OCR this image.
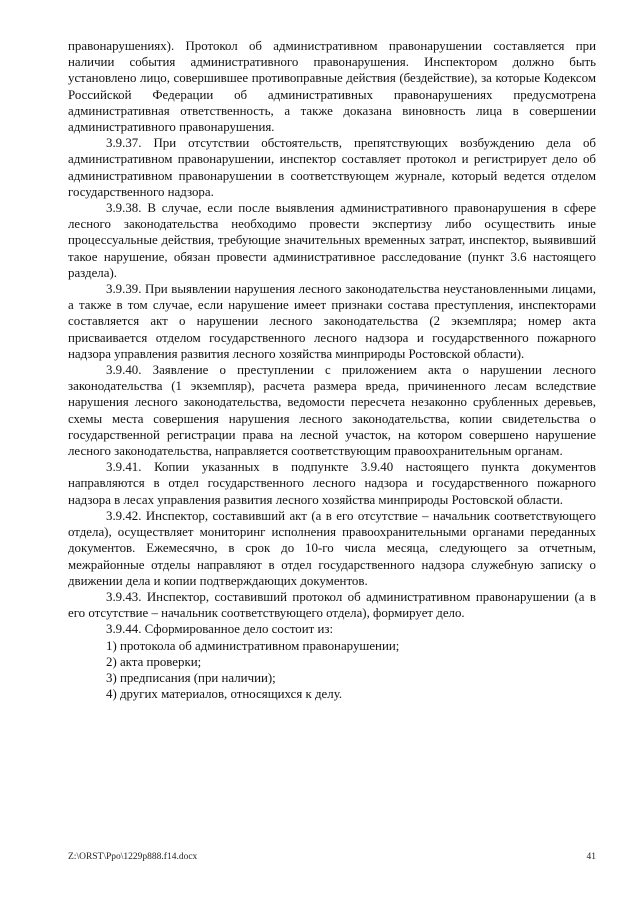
правонарушениях). Протокол об административном правонарушении составляется при наличии события административного правонарушения. Инспектором должно быть установлено лицо, совершившее противоправные действия (бездействие), за которые Кодексом Российской Федерации об административных правонарушениях предусмотрена административная ответственность, а также доказана виновность лица в совершении административного правонарушения.

3.9.37. При отсутствии обстоятельств, препятствующих возбуждению дела об административном правонарушении, инспектор составляет протокол и регистрирует дело об административном правонарушении в соответствующем журнале, который ведется отделом государственного надзора.

3.9.38. В случае, если после выявления административного правонарушения в сфере лесного законодательства необходимо провести экспертизу либо осуществить иные процессуальные действия, требующие значительных временных затрат, инспектор, выявивший такое нарушение, обязан провести административное расследование (пункт 3.6 настоящего раздела).

3.9.39. При выявлении нарушения лесного законодательства неустановленными лицами, а также в том случае, если нарушение имеет признаки состава преступления, инспекторами составляется акт о нарушении лесного законодательства (2 экземпляра; номер акта присваивается отделом государственного лесного надзора и государственного пожарного надзора управления развития лесного хозяйства минприроды Ростовской области).

3.9.40. Заявление о преступлении с приложением акта о нарушении лесного законодательства (1 экземпляр), расчета размера вреда, причиненного лесам вследствие нарушения лесного законодательства, ведомости пересчета незаконно срубленных деревьев, схемы места совершения нарушения лесного законодательства, копии свидетельства о государственной регистрации права на лесной участок, на котором совершено нарушение лесного законодательства, направляется соответствующим правоохранительным органам.

3.9.41. Копии указанных в подпункте 3.9.40 настоящего пункта документов направляются в отдел государственного лесного надзора и государственного пожарного надзора в лесах управления развития лесного хозяйства минприроды Ростовской области.

3.9.42. Инспектор, составивший акт (а в его отсутствие – начальник соответствующего отдела), осуществляет мониторинг исполнения правоохранительными органами переданных документов. Ежемесячно, в срок до 10-го числа месяца, следующего за отчетным, межрайонные отделы направляют в отдел государственного надзора служебную записку о движении дела и копии подтверждающих документов.

3.9.43. Инспектор, составивший протокол об административном правонарушении (а в его отсутствие – начальник соответствующего отдела), формирует дело.

3.9.44. Сформированное дело состоит из:

1) протокола об административном правонарушении;

2) акта проверки;

3) предписания (при наличии);

4) других материалов, относящихся к делу.

Z:\ORST\Ppo\1229p888.f14.docx	41
